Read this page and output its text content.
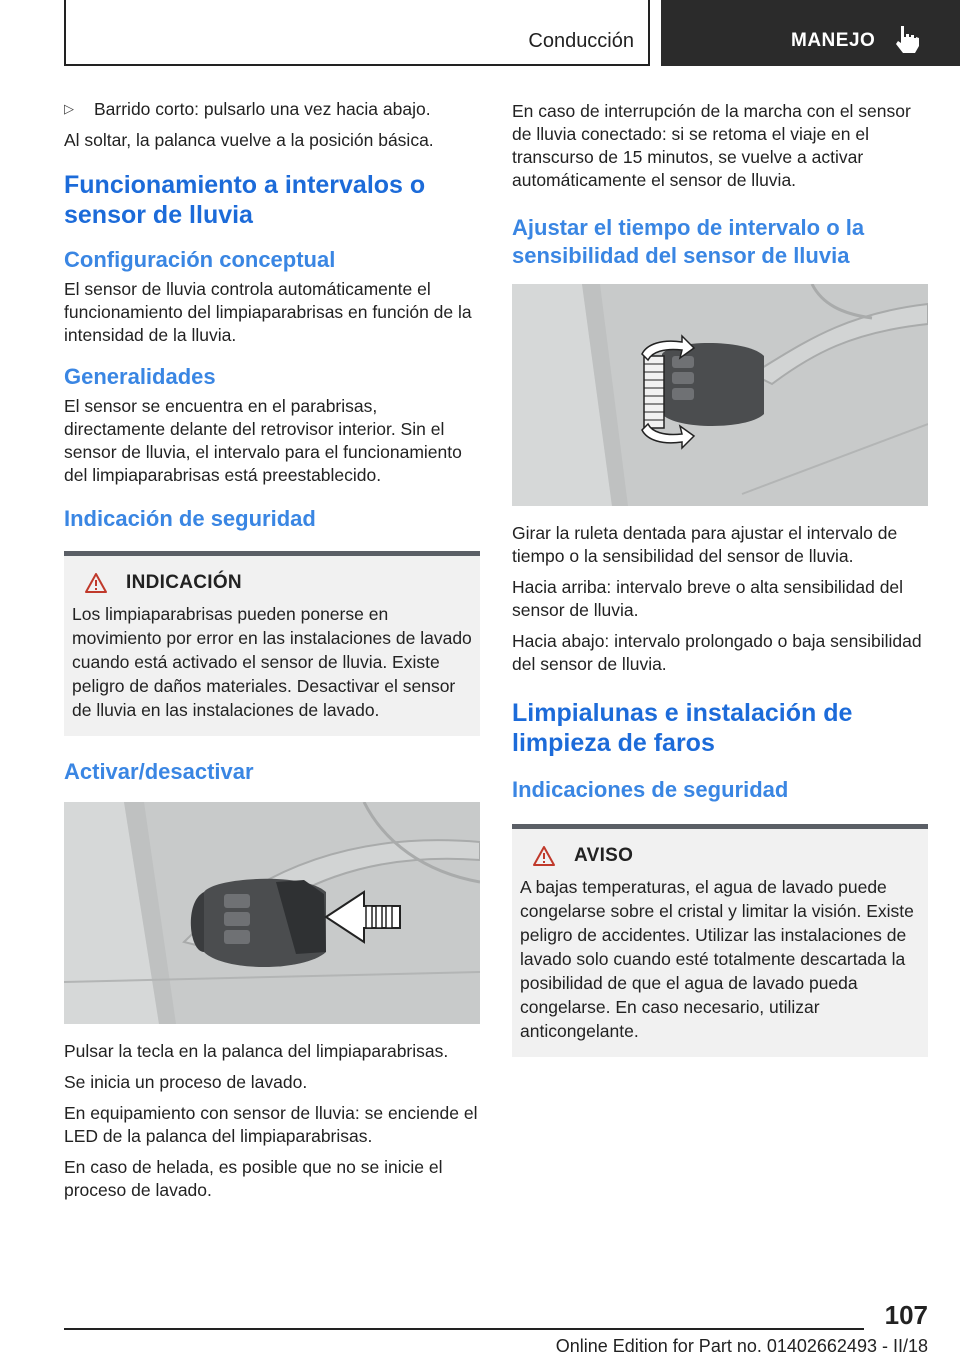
Conducción	MANEJO
▷	Barrido corto: pulsarlo una vez hacia abajo.

Al soltar, la palanca vuelve a la posición básica.

Funcionamiento a intervalos o sensor de lluvia
Configuración conceptual

El sensor de lluvia controla automáticamente el funcionamiento del limpiaparabrisas en función de la intensidad de la lluvia.

Generalidades

El sensor se encuentra en el parabrisas, directamente delante del retrovisor interior. Sin el sensor de lluvia, el intervalo para el funcionamiento del limpiaparabrisas está preestablecido.

Indicación de seguridad
INDICACIÓN

Los limpiaparabrisas pueden ponerse en movimiento por error en las instalaciones de lavado cuando está activado el sensor de lluvia. Existe peligro de daños materiales. Desactivar el sensor de lluvia en las instalaciones de lavado.

Activar/desactivar

Pulsar la tecla en la palanca del limpiaparabrisas.

Se inicia un proceso de lavado.

En equipamiento con sensor de lluvia: se enciende el LED de la palanca del limpiaparabrisas.

En caso de helada, es posible que no se inicie el proceso de lavado.

En caso de interrupción de la marcha con el sensor de lluvia conectado: si se retoma el viaje en el transcurso de 15 minutos, se vuelve a activar automáticamente el sensor de lluvia.

Ajustar el tiempo de intervalo o la sensibilidad del sensor de lluvia

Girar la ruleta dentada para ajustar el intervalo de tiempo o la sensibilidad del sensor de lluvia.

Hacia arriba: intervalo breve o alta sensibilidad del sensor de lluvia.

Hacia abajo: intervalo prolongado o baja sensibilidad del sensor de lluvia.

Limpialunas e instalación de limpieza de faros
Indicaciones de seguridad
AVISO

A bajas temperaturas, el agua de lavado puede congelarse sobre el cristal y limitar la visión. Existe peligro de accidentes. Utilizar las instalaciones de lavado solo cuando esté totalmente descartada la posibilidad de que el agua de lavado pueda congelarse. En caso necesario, utilizar anticongelante.

107
Online Edition for Part no. 01402662493 - II/18
